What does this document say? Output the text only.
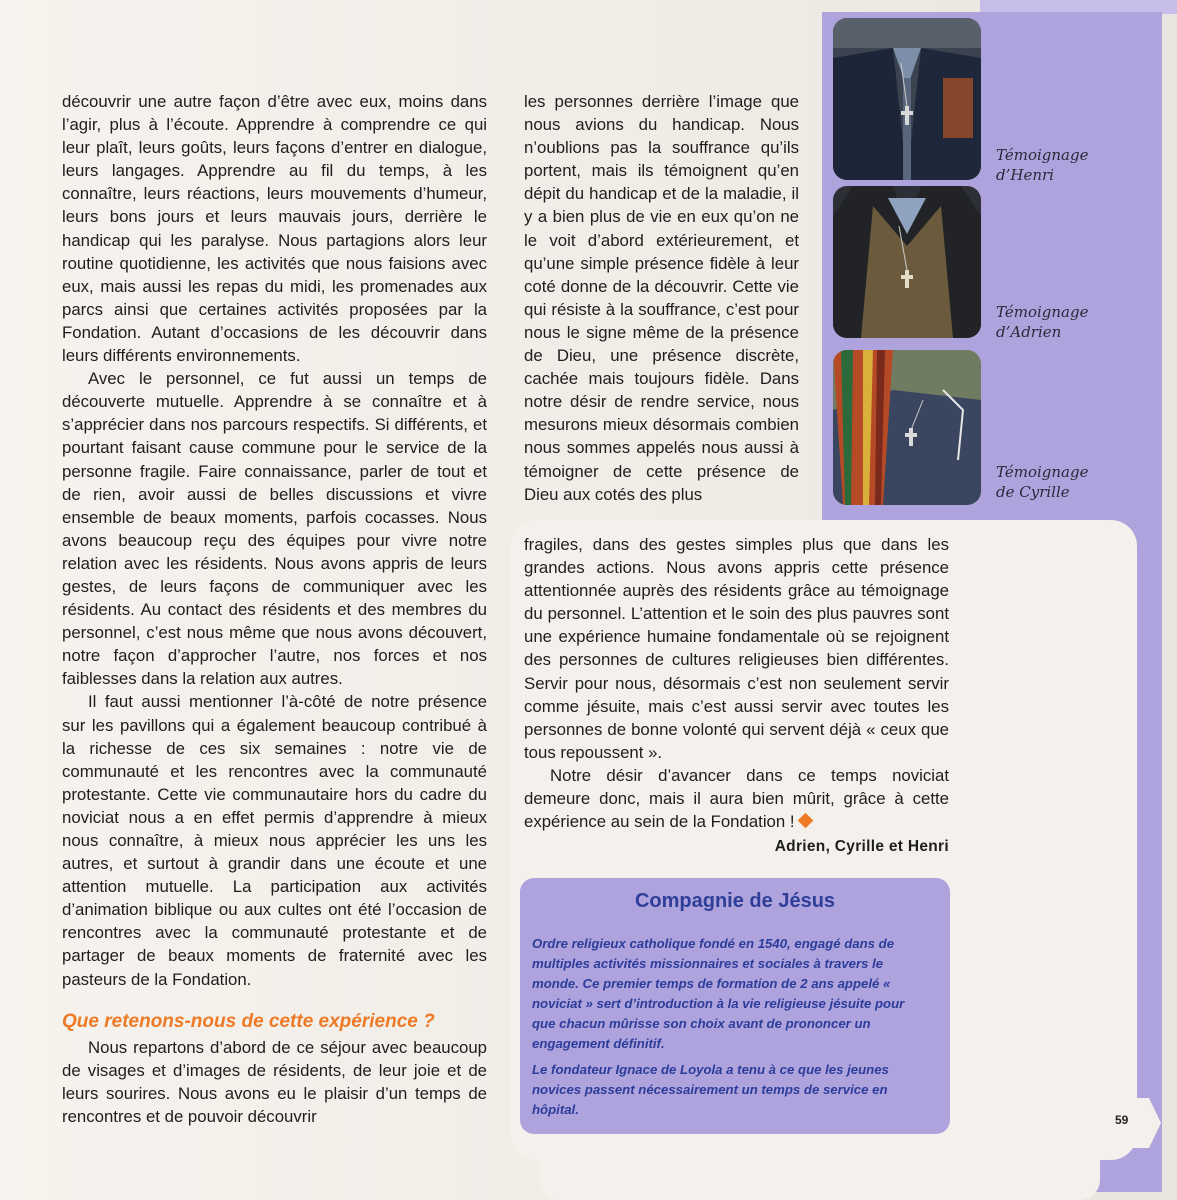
découvrir une autre façon d’être avec eux, moins dans l’agir, plus à l’écoute. Apprendre à comprendre ce qui leur plaît, leurs goûts, leurs façons d’entrer en dialogue, leurs langages. Apprendre au fil du temps, à les connaître, leurs réactions, leurs mouvements d’humeur, leurs bons jours et leurs mauvais jours, derrière le handicap qui les paralyse. Nous partagions alors leur routine quotidienne, les activités que nous faisions avec eux, mais aussi les repas du midi, les promenades aux parcs ainsi que certaines activités proposées par la Fondation. Autant d’occasions de les découvrir dans leurs différents environnements.

Avec le personnel, ce fut aussi un temps de découverte mutuelle. Apprendre à se connaître et à s’apprécier dans nos parcours respectifs. Si différents, et pourtant faisant cause commune pour le service de la personne fragile. Faire connaissance, parler de tout et de rien, avoir aussi de belles discussions et vivre ensemble de beaux moments, parfois cocasses. Nous avons beaucoup reçu des équipes pour vivre notre relation avec les résidents. Nous avons appris de leurs gestes, de leurs façons de communiquer avec les résidents. Au contact des résidents et des membres du personnel, c’est nous même que nous avons découvert, notre façon d’approcher l’autre, nos forces et nos faiblesses dans la relation aux autres.

Il faut aussi mentionner l’à-côté de notre présence sur les pavillons qui a également beaucoup contribué à la richesse de ces six semaines : notre vie de communauté et les rencontres avec la communauté protestante. Cette vie communautaire hors du cadre du noviciat nous a en effet permis d’apprendre à mieux nous connaître, à mieux nous apprécier les uns les autres, et surtout à grandir dans une écoute et une attention mutuelle. La participation aux activités d’animation biblique ou aux cultes ont été l’occasion de rencontres avec la communauté protestante et de partager de beaux moments de fraternité avec les pasteurs de la Fondation.

Que retenons-nous de cette expérience ?

Nous repartons d’abord de ce séjour avec beaucoup de visages et d’images de résidents, de leur joie et de leurs sourires. Nous avons eu le plaisir d’un temps de rencontres et de pouvoir découvrir

les personnes derrière l’image que nous avions du handicap. Nous n’oublions pas la souffrance qu’ils portent, mais ils témoignent qu’en dépit du handicap et de la maladie, il y a bien plus de vie en eux qu’on ne le voit d’abord extérieurement, et qu’une simple présence fidèle à leur coté donne de la découvrir. Cette vie qui résiste à la souffrance, c’est pour nous le signe même de la présence de Dieu, une présence discrète, cachée mais toujours fidèle. Dans notre désir de rendre service, nous mesurons mieux désormais combien nous sommes appelés nous aussi à témoigner de cette présence de Dieu aux cotés des plus

fragiles, dans des gestes simples plus que dans les grandes actions. Nous avons appris cette présence attentionnée auprès des résidents grâce au témoignage du personnel. L’attention et le soin des plus pauvres sont une expérience humaine fondamentale où se rejoignent des personnes de cultures religieuses bien différentes. Servir pour nous, désormais c’est non seulement servir comme jésuite, mais c’est aussi servir avec toutes les personnes de bonne volonté qui servent déjà « ceux que tous repoussent ».

Notre désir d’avancer dans ce temps noviciat demeure donc, mais il aura bien mûrit, grâce à cette expérience au sein de la Fondation !

Adrien, Cyrille et Henri

Témoignage
d’Henri
Témoignage
d’Adrien
Témoignage
de Cyrille
Compagnie de Jésus

Ordre religieux catholique fondé en 1540, engagé dans de multiples activités missionnaires et sociales à travers le monde. Ce premier temps de formation de 2 ans appelé « noviciat » sert d’introduction à la vie religieuse jésuite pour que chacun mûrisse son choix avant de prononcer un engagement définitif.

Le fondateur Ignace de Loyola a tenu à ce que les jeunes novices passent nécessairement un temps de service en hôpital.

59
